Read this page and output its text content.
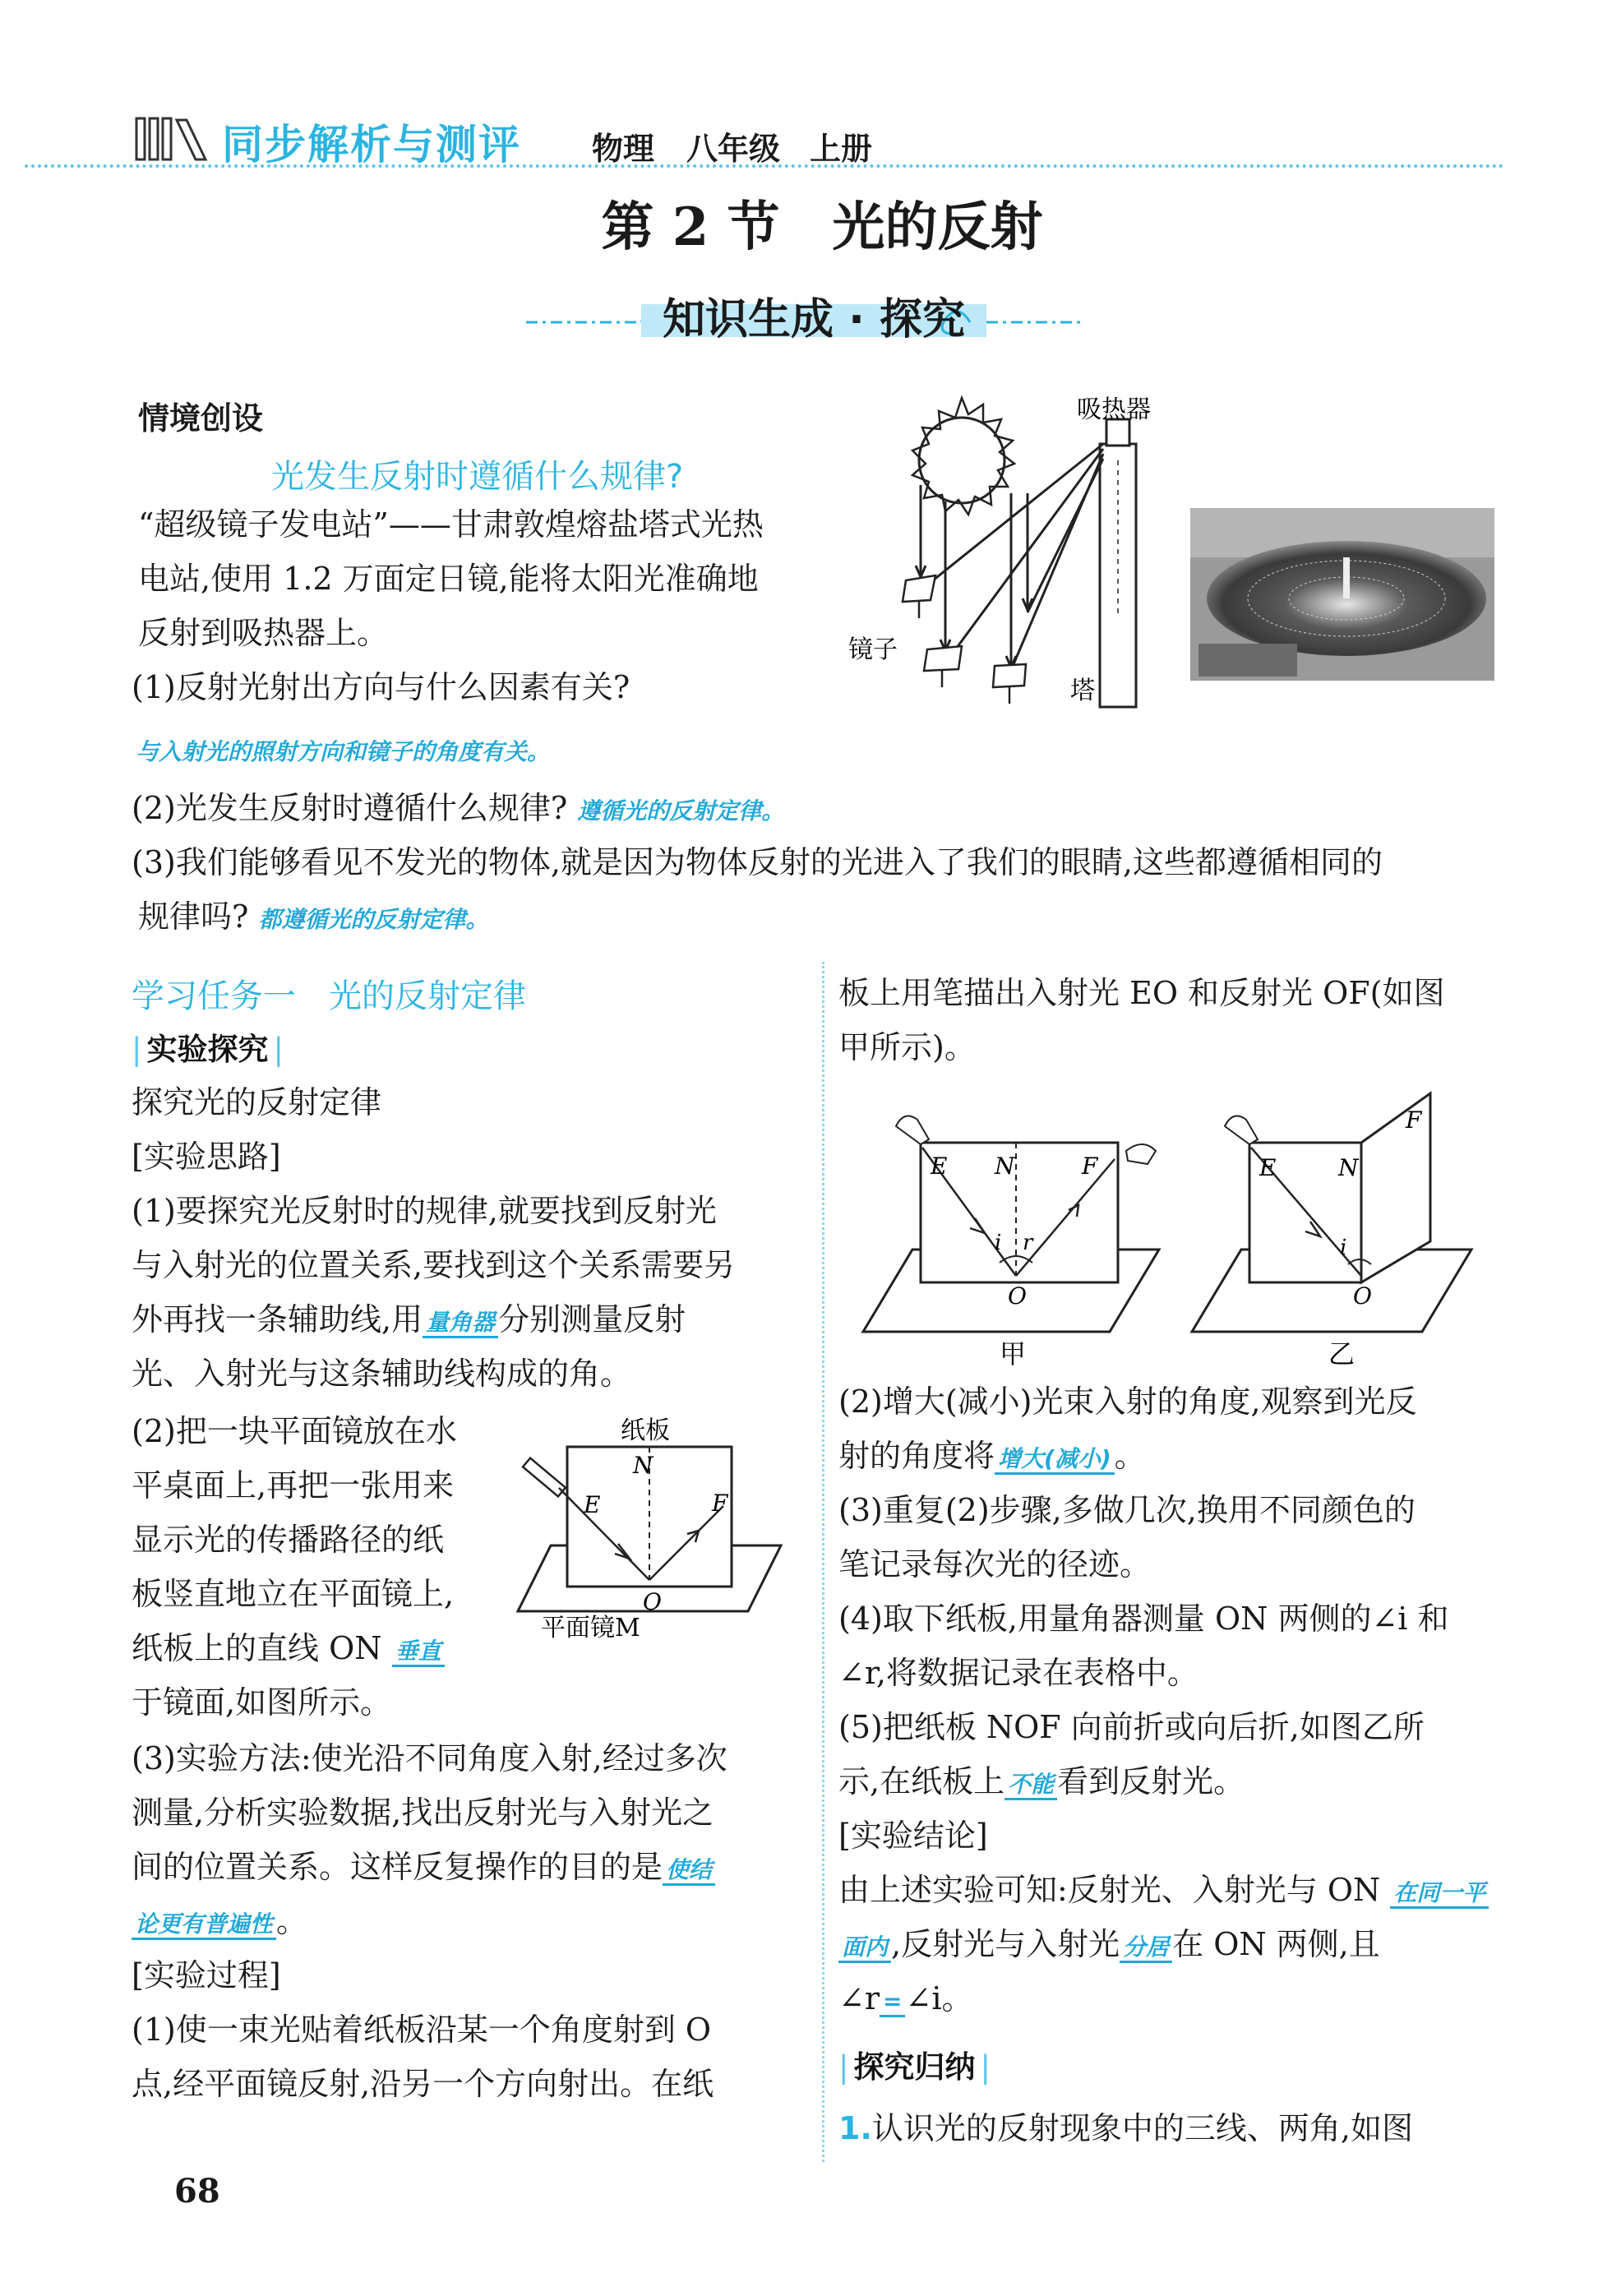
同步解析与测评 物理 八年级 上册
第 2 节　光的反射
知识生成 · 探究
情境创设
光发生反射时遵循什么规律?
“超级镜子发电站”——甘肃敦煌熔盐塔式光热
电站,使用 1.2 万面定日镜,能将太阳光准确地
反射到吸热器上。
(1)反射光射出方向与什么因素有关?
与入射光的照射方向和镜子的角度有关。
(2)光发生反射时遵循什么规律? 遵循光的反射定律。
(3)我们能够看见不发光的物体,就是因为物体反射的光进入了我们的眼睛,这些都遵循相同的
规律吗? 都遵循光的反射定律。
吸热器
镜子
塔
学习任务一　光的反射定律
| 实验探究 |
探究光的反射定律
[实验思路]
(1)要探究光反射时的规律,就要找到反射光
与入射光的位置关系,要找到这个关系需要另
外再找一条辅助线,用 量角器 分别测量反射
光、入射光与这条辅助线构成的角。
(2)把一块平面镜放在水
平桌面上,再把一张用来
显示光的传播路径的纸
板竖直地立在平面镜上,
纸板上的直线 ON 垂直
于镜面,如图所示。
纸板
N
E	F
O
平面镜M
(3)实验方法:使光沿不同角度入射,经过多次
测量,分析实验数据,找出反射光与入射光之
间的位置关系。这样反复操作的目的是 使结
论更有普遍性 。
[实验过程]
(1)使一束光贴着纸板沿某一个角度射到 O
点,经平面镜反射,沿另一个方向射出。在纸
板上用笔描出入射光 EO 和反射光 OF(如图
甲所示)。
E N	F
i r
O
甲
E	N
F
i
O
乙
(2)增大(减小)光束入射的角度,观察到光反
射的角度将 增大(减小) 。
(3)重复(2)步骤,多做几次,换用不同颜色的
笔记录每次光的径迹。
(4)取下纸板,用量角器测量 ON 两侧的∠i 和
∠r,将数据记录在表格中。
(5)把纸板 NOF 向前折或向后折,如图乙所
示,在纸板上 不能 看到反射光。
[实验结论]
由上述实验可知:反射光、入射光与 ON 在同一平
面内 ,反射光与入射光 分居 在 ON 两侧,且
∠r = ∠i。
| 探究归纳 |
1.认识光的反射现象中的三线、两角,如图
68
